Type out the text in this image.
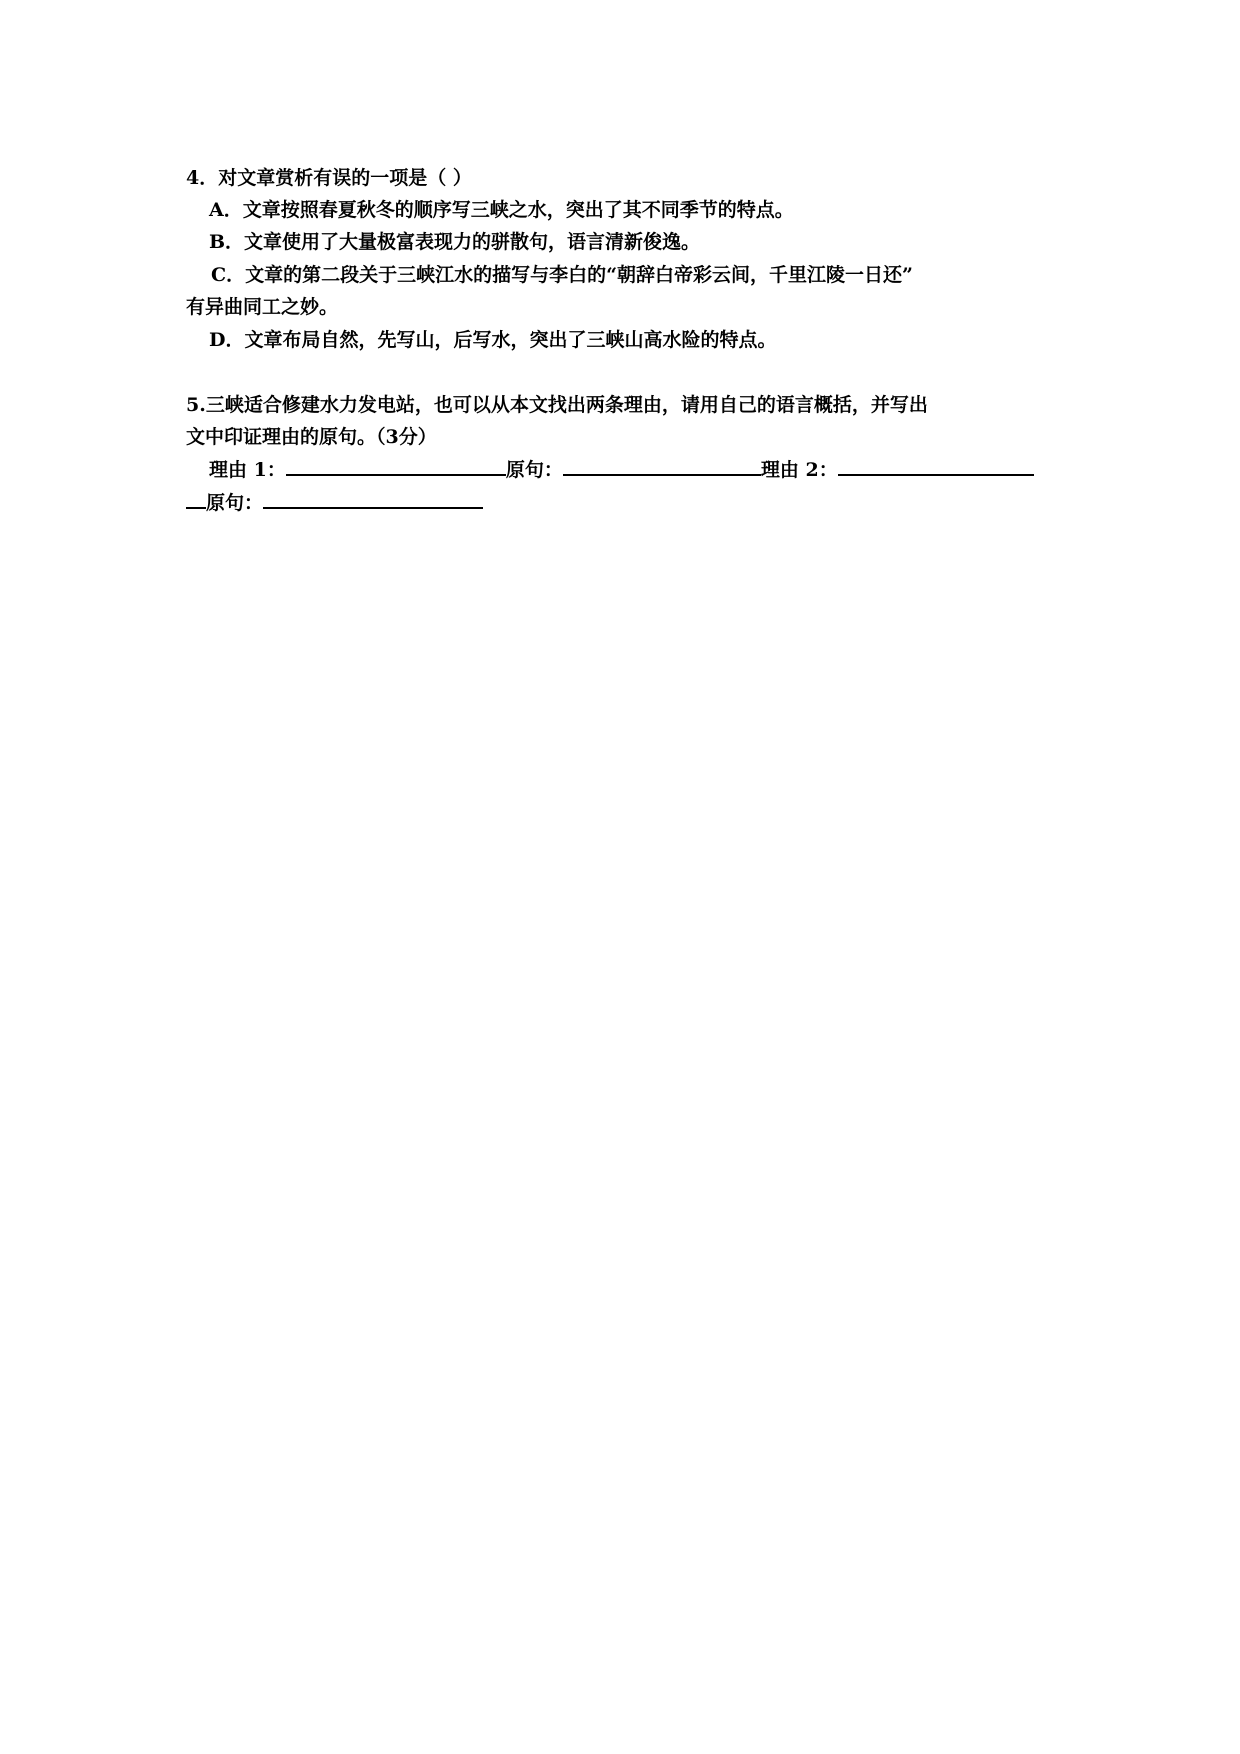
4．对文章赏析有误的一项是（ ）
A．文章按照春夏秋冬的顺序写三峡之水，突出了其不同季节的特点。
B．文章使用了大量极富表现力的骈散句，语言清新俊逸。
C．文章的第二段关于三峡江水的描写与李白的“朝辞白帝彩云间，千里江陵一日还”
有异曲同工之妙。
D．文章布局自然，先写山，后写水，突出了三峡山高水险的特点。
5.三峡适合修建水力发电站，也可以从本文找出两条理由，请用自己的语言概括，并写出
文中印证理由的原句。（3分）
理由 1：	原句：	理由 2：
原句：
